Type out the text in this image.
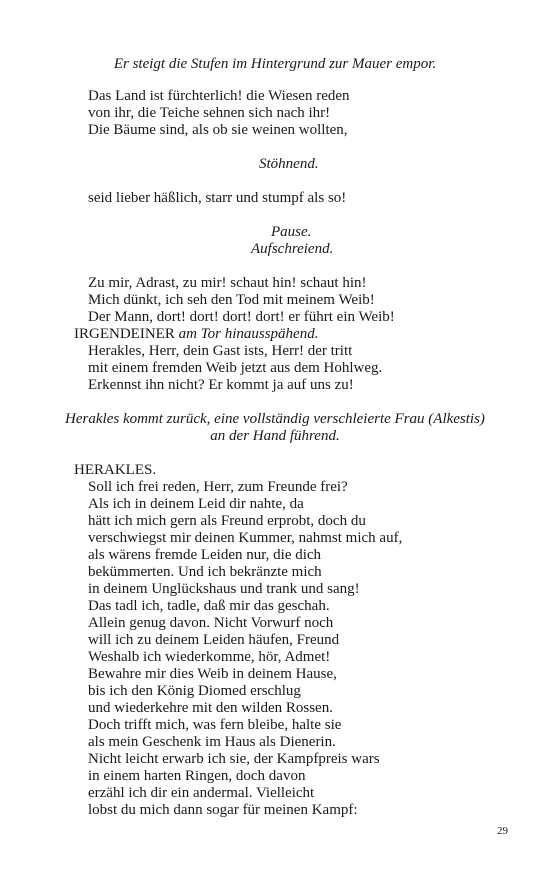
Er steigt die Stufen im Hintergrund zur Mauer empor.
Das Land ist fürchterlich! die Wiesen reden
von ihr, die Teiche sehnen sich nach ihr!
Die Bäume sind, als ob sie weinen wollten,
Stöhnend.
seid lieber häßlich, starr und stumpf als so!
Pause.
Aufschreiend.
Zu mir, Adrast, zu mir! schaut hin! schaut hin!
Mich dünkt, ich seh den Tod mit meinem Weib!
Der Mann, dort! dort! dort! dort! er führt ein Weib!
IRGENDEINER am Tor hinausspähend.
Herakles, Herr, dein Gast ists, Herr! der tritt
mit einem fremden Weib jetzt aus dem Hohlweg.
Erkennst ihn nicht? Er kommt ja auf uns zu!
Herakles kommt zurück, eine vollständig verschleierte Frau (Alkestis)
an der Hand führend.
HERAKLES.
Soll ich frei reden, Herr, zum Freunde frei?
Als ich in deinem Leid dir nahte, da
hätt ich mich gern als Freund erprobt, doch du
verschwiegst mir deinen Kummer, nahmst mich auf,
als wärens fremde Leiden nur, die dich
bekümmerten. Und ich bekränzte mich
in deinem Unglückshaus und trank und sang!
Das tadl ich, tadle, daß mir das geschah.
Allein genug davon. Nicht Vorwurf noch
will ich zu deinem Leiden häufen, Freund
Weshalb ich wiederkomme, hör, Admet!
Bewahre mir dies Weib in deinem Hause,
bis ich den König Diomed erschlug
und wiederkehre mit den wilden Rossen.
Doch trifft mich, was fern bleibe, halte sie
als mein Geschenk im Haus als Dienerin.
Nicht leicht erwarb ich sie, der Kampfpreis wars
in einem harten Ringen, doch davon
erzähl ich dir ein andermal. Vielleicht
lobst du mich dann sogar für meinen Kampf:
29
